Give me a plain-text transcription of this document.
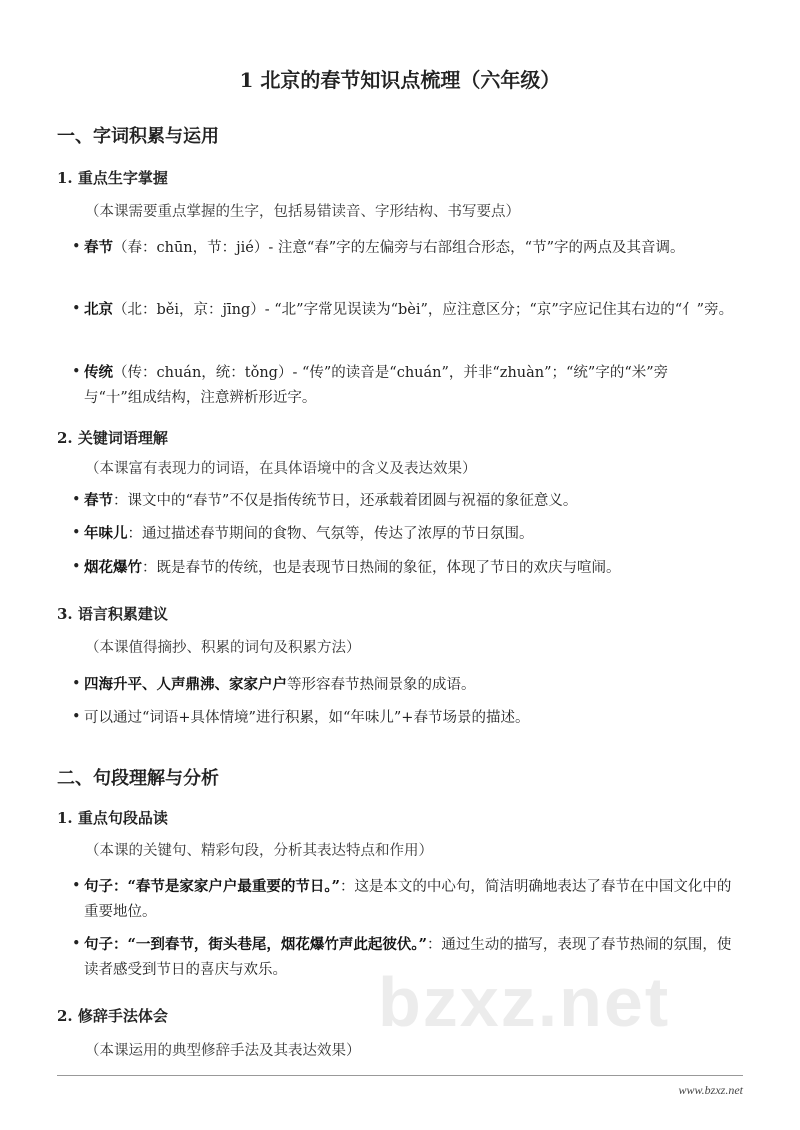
1 北京的春节知识点梳理（六年级）
bzxz.net
一、字词积累与运用
1. 重点生字掌握
（本课需要重点掌握的生字，包括易错读音、字形结构、书写要点）
• 春节（春：chūn，节：jié）- 注意“春”字的左偏旁与右部组合形态，“节”字的两点及其音调。
• 北京（北：běi，京：jīng）- “北”字常见误读为“bèi”，应注意区分；“京”字应记住其右边的“亻”旁。
• 传统（传：chuán，统：tǒng）- “传”的读音是“chuán”，并非“zhuàn”；“统”字的“米”旁与“十”组成结构，注意辨析形近字。
2. 关键词语理解
（本课富有表现力的词语，在具体语境中的含义及表达效果）
• 春节：课文中的“春节”不仅是指传统节日，还承载着团圆与祝福的象征意义。
• 年味儿：通过描述春节期间的食物、气氛等，传达了浓厚的节日氛围。
• 烟花爆竹：既是春节的传统，也是表现节日热闹的象征，体现了节日的欢庆与喧闹。
3. 语言积累建议
（本课值得摘抄、积累的词句及积累方法）
• 四海升平、人声鼎沸、家家户户等形容春节热闹景象的成语。
• 可以通过“词语+具体情境”进行积累，如“年味儿”+春节场景的描述。
二、句段理解与分析
1. 重点句段品读
（本课的关键句、精彩句段，分析其表达特点和作用）
• 句子：“春节是家家户户最重要的节日。”：这是本文的中心句，简洁明确地表达了春节在中国文化中的重要地位。
• 句子：“一到春节，街头巷尾，烟花爆竹声此起彼伏。”：通过生动的描写，表现了春节热闹的氛围，使读者感受到节日的喜庆与欢乐。
2. 修辞手法体会
（本课运用的典型修辞手法及其表达效果）
www.bzxz.net
